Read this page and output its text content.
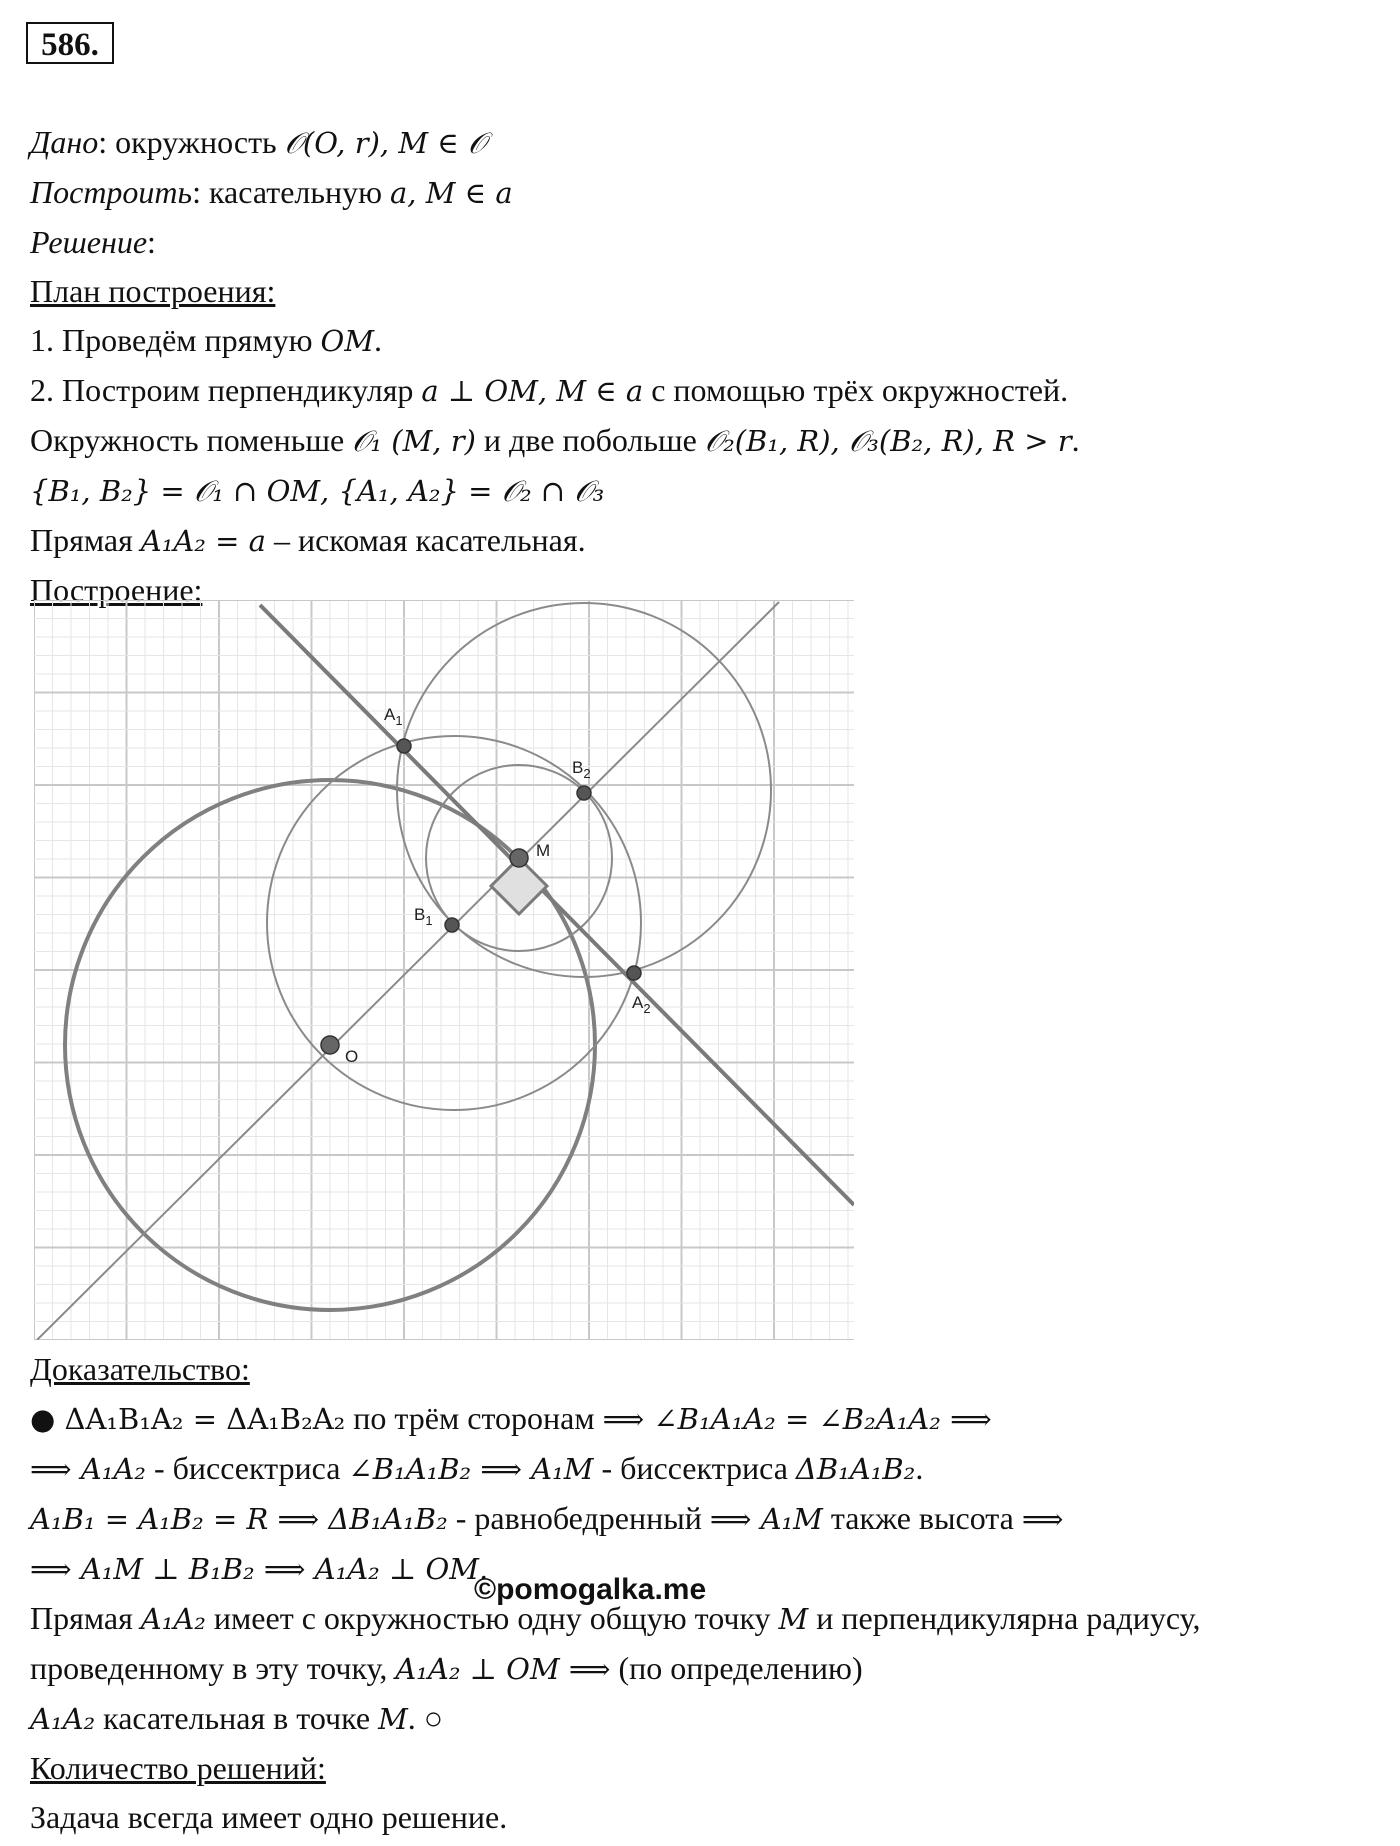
586.
Дано: окружность 𝒪(O, r), M ∈ 𝒪
Построить: касательную a, M ∈ a
Решение:
План построения:
1. Проведём прямую OM.
2. Построим перпендикуляр a ⊥ OM, M ∈ a с помощью трёх окружностей.
Окружность поменьше 𝒪₁ (M, r) и две побольше 𝒪₂(B₁, R), 𝒪₃(B₂, R), R > r.
{B₁, B₂} = 𝒪₁ ∩ OM, {A₁, A₂} = 𝒪₂ ∩ 𝒪₃
Прямая A₁A₂ = a – искомая касательная.
Построение:
$A_1$
$A_2$
$B_1$
$B_2$
M
O
Доказательство:
● ΔA₁B₁A₂ = ΔA₁B₂A₂ по трём сторонам ⟹ ∠B₁A₁A₂ = ∠B₂A₁A₂ ⟹
⟹ A₁A₂ - биссектриса ∠B₁A₁B₂ ⟹ A₁M - биссектриса ΔB₁A₁B₂.
A₁B₁ = A₁B₂ = R ⟹ ΔB₁A₁B₂ - равнобедренный ⟹ A₁M также высота ⟹
⟹ A₁M ⊥ B₁B₂ ⟹ A₁A₂ ⊥ OM.
Прямая A₁A₂ имеет с окружностью одну общую точку M и перпендикулярна радиусу,
проведенному в эту точку, A₁A₂ ⊥ OM ⟹ (по определению)
A₁A₂ касательная в точке M. ○
Количество решений:
Задача всегда имеет одно решение.
©pomogalka.me
